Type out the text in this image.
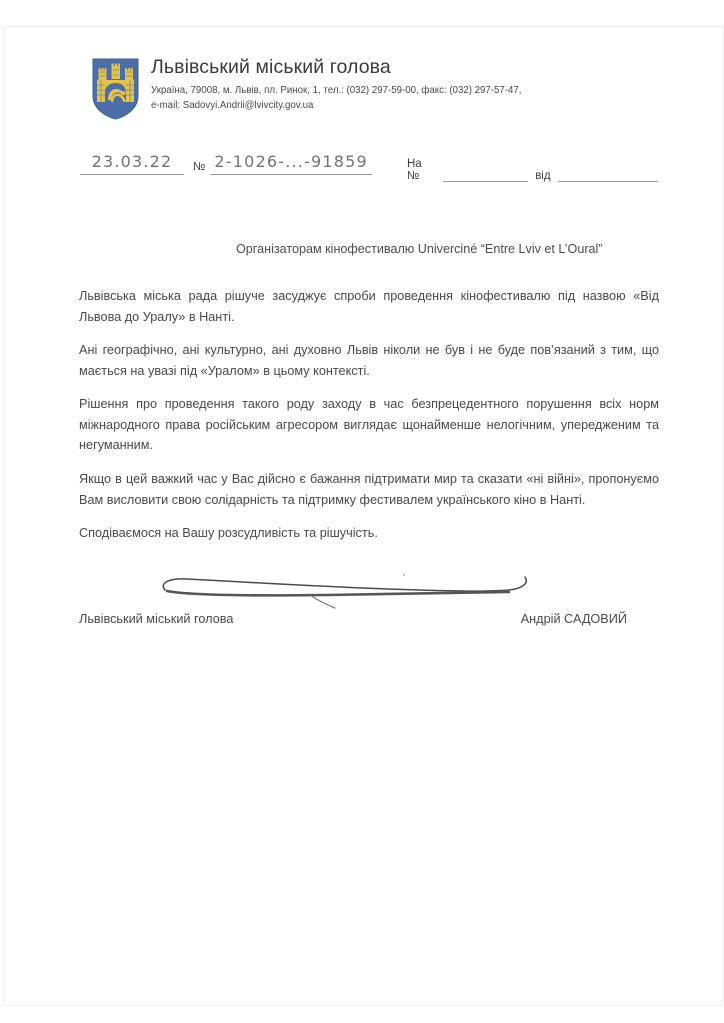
Львівський міський голова
Україна, 79008, м. Львів, пл. Ринок, 1, тел.: (032) 297-59-00, факс: (032) 297-57-47,
e-mail: Sadovyi.Andrii@lvivcity.gov.ua
23.03.22	№ 2-1026-...-91859	На №	від
Організаторам кінофестивалю Univerciné “Entre Lviv et L’Oural”

Львівська міська рада рішуче засуджує спроби проведення кінофестивалю під назвою «Від Львова до Уралу» в Нанті.

Ані географічно, ані культурно, ані духовно Львів ніколи не був і не буде пов’язаний з тим, що мається на увазі під «Уралом» в цьому контексті.

Рішення про проведення такого роду заходу в час безпрецедентного порушення всіх норм міжнародного права російським агресором виглядає щонайменше нелогічним, упередженим та негуманним.

Якщо в цей важкий час у Вас дійсно є бажання підтримати мир та сказати «ні війні», пропонуємо Вам висловити свою солідарність та підтримку фестивалем українського кіно в Нанті.

Сподіваємося на Вашу розсудливість та рішучість.

Львівський міський голова	Андрій САДОВИЙ
